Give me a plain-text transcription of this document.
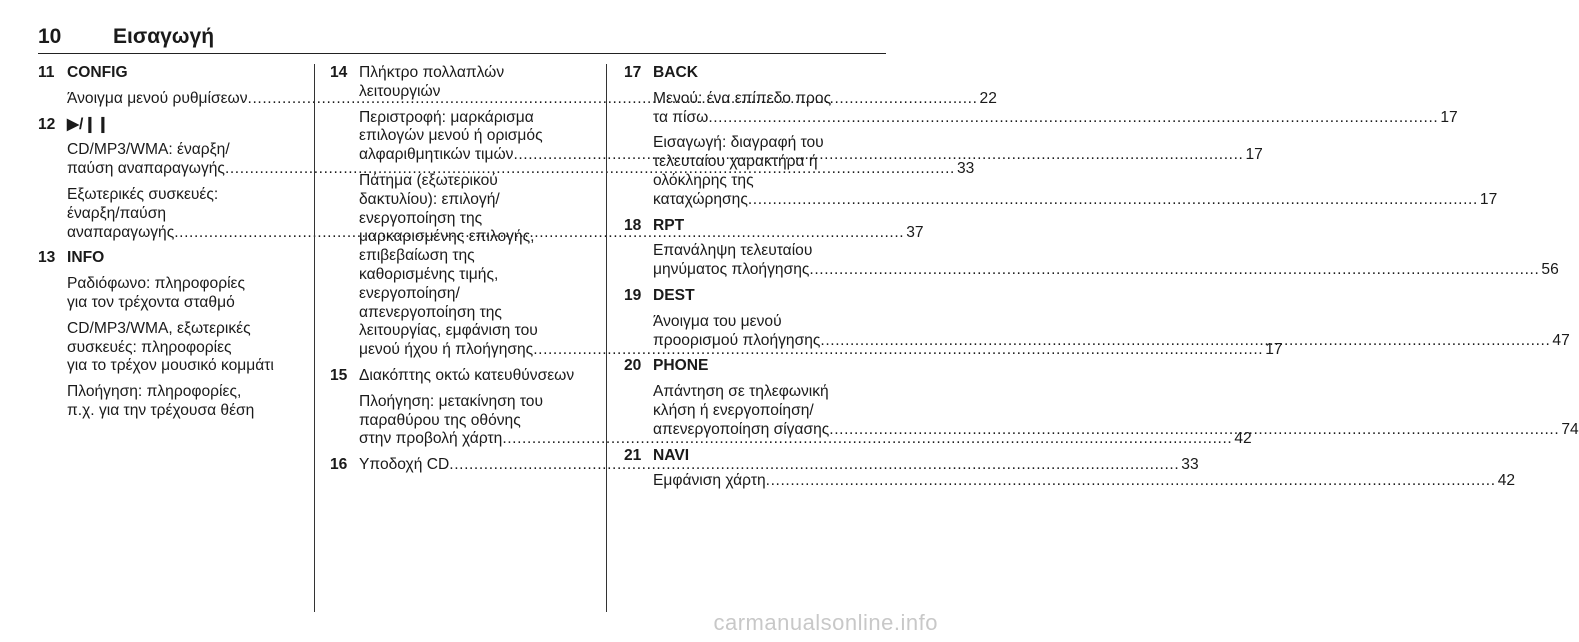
10 Εισαγωγή
11 CONFIG
Άνοιγμα μενού ρυθμίσεων .....	22
12 ▶/❙❙
CD/MP3/WMA: έναρξη/
παύση αναπαραγωγής .....	33
Εξωτερικές συσκευές:
έναρξη/παύση
αναπαραγωγής .....	37
13 INFO
Ραδιόφωνο: πληροφορίες
για τον τρέχοντα σταθμό
CD/MP3/WMA, εξωτερικές
συσκευές: πληροφορίες
για το τρέχον μουσικό κομμάτι
Πλοήγηση: πληροφορίες,
π.χ. για την τρέχουσα θέση
14 Πλήκτρο πολλαπλών
λειτουργιών
Περιστροφή: μαρκάρισμα
επιλογών μενού ή ορισμός
αλφαριθμητικών τιμών .....	17
Πάτημα (εξωτερικού
δακτυλίου): επιλογή/
ενεργοποίηση της
μαρκαρισμένης επιλογής,
επιβεβαίωση της
καθορισμένης τιμής,
ενεργοποίηση/
απενεργοποίηση της
λειτουργίας, εμφάνιση του
μενού ήχου ή πλοήγησης .....	17
15 Διακόπτης οκτώ κατευθύνσεων
Πλοήγηση: μετακίνηση του
παραθύρου της οθόνης
στην προβολή χάρτη .....	42
16 Υποδοχή CD .....	33
17 BACK
Μενού: ένα επίπεδο προς
τα πίσω .....	17
Εισαγωγή: διαγραφή του
τελευταίου χαρακτήρα ή
ολόκληρης της
καταχώρησης .....	17
18 RPT
Επανάληψη τελευταίου
μηνύματος πλοήγησης .....	56
19 DEST
Άνοιγμα του μενού
προορισμού πλοήγησης .....	47
20 PHONE
Απάντηση σε τηλεφωνική
κλήση ή ενεργοποίηση/
απενεργοποίηση σίγασης .....	74
21 NAVI
Εμφάνιση χάρτη .....	42
carmanualsonline.info
